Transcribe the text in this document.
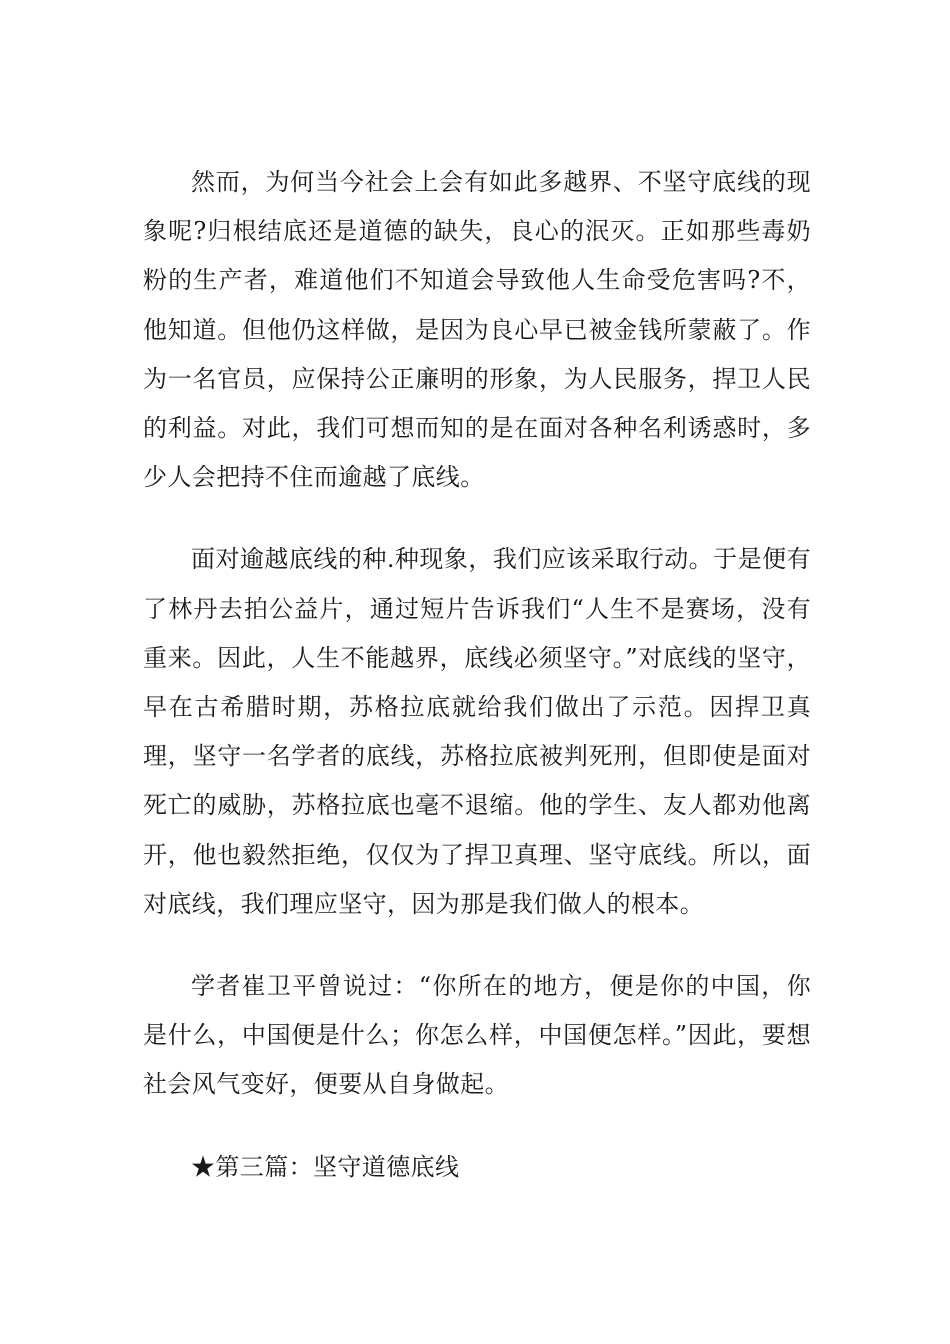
然而，为何当今社会上会有如此多越界、不坚守底线的现象呢?归根结底还是道德的缺失，良心的泯灭。正如那些毒奶粉的生产者，难道他们不知道会导致他人生命受危害吗?不，他知道。但他仍这样做，是因为良心早已被金钱所蒙蔽了。作为一名官员，应保持公正廉明的形象，为人民服务，捍卫人民的利益。对此，我们可想而知的是在面对各种名利诱惑时，多少人会把持不住而逾越了底线。

面对逾越底线的种.种现象，我们应该采取行动。于是便有了林丹去拍公益片，通过短片告诉我们“人生不是赛场，没有重来。因此，人生不能越界，底线必须坚守。”对底线的坚守，早在古希腊时期，苏格拉底就给我们做出了示范。因捍卫真理，坚守一名学者的底线，苏格拉底被判死刑，但即使是面对死亡的威胁，苏格拉底也毫不退缩。他的学生、友人都劝他离开，他也毅然拒绝，仅仅为了捍卫真理、坚守底线。所以，面对底线，我们理应坚守，因为那是我们做人的根本。

学者崔卫平曾说过：“你所在的地方，便是你的中国，你是什么，中国便是什么；你怎么样，中国便怎样。”因此，要想社会风气变好，便要从自身做起。

★第三篇：坚守道德底线
